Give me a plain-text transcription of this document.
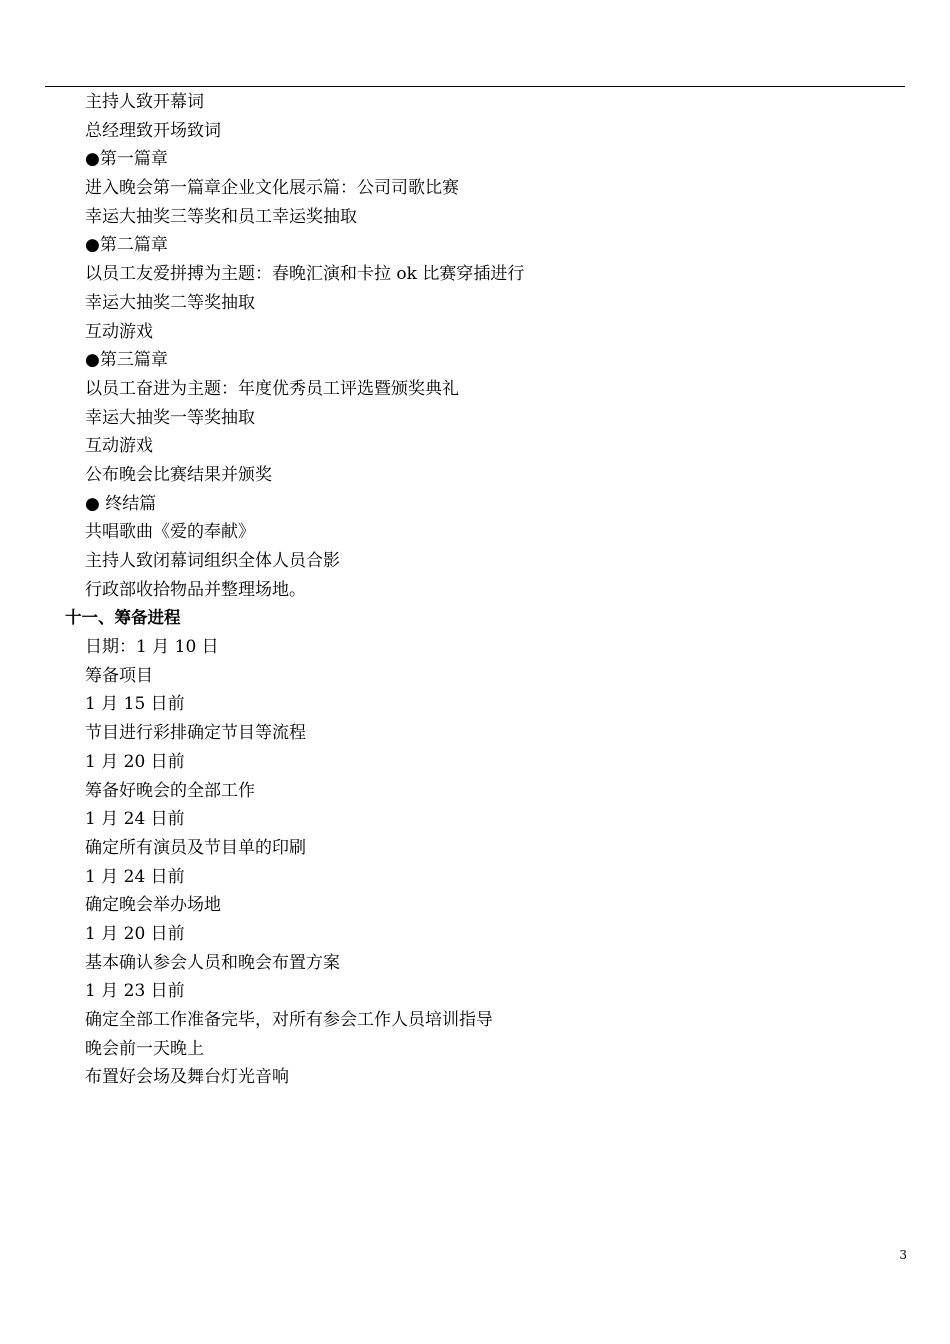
主持人致开幕词
总经理致开场致词
●第一篇章
进入晚会第一篇章企业文化展示篇：公司司歌比赛
幸运大抽奖三等奖和员工幸运奖抽取
●第二篇章
以员工友爱拼搏为主题：春晚汇演和卡拉 ok 比赛穿插进行
幸运大抽奖二等奖抽取
互动游戏
●第三篇章
以员工奋进为主题：年度优秀员工评选暨颁奖典礼
幸运大抽奖一等奖抽取
互动游戏
公布晚会比赛结果并颁奖
● 终结篇
共唱歌曲《爱的奉献》
主持人致闭幕词组织全体人员合影
行政部收拾物品并整理场地。
十一、筹备进程
日期：1 月 10 日
筹备项目
1 月 15 日前
节目进行彩排确定节目等流程
1 月 20 日前
筹备好晚会的全部工作
1 月 24 日前
确定所有演员及节目单的印刷
1 月 24 日前
确定晚会举办场地
1 月 20 日前
基本确认参会人员和晚会布置方案
1 月 23 日前
确定全部工作准备完毕，对所有参会工作人员培训指导
晚会前一天晚上
布置好会场及舞台灯光音响
3
